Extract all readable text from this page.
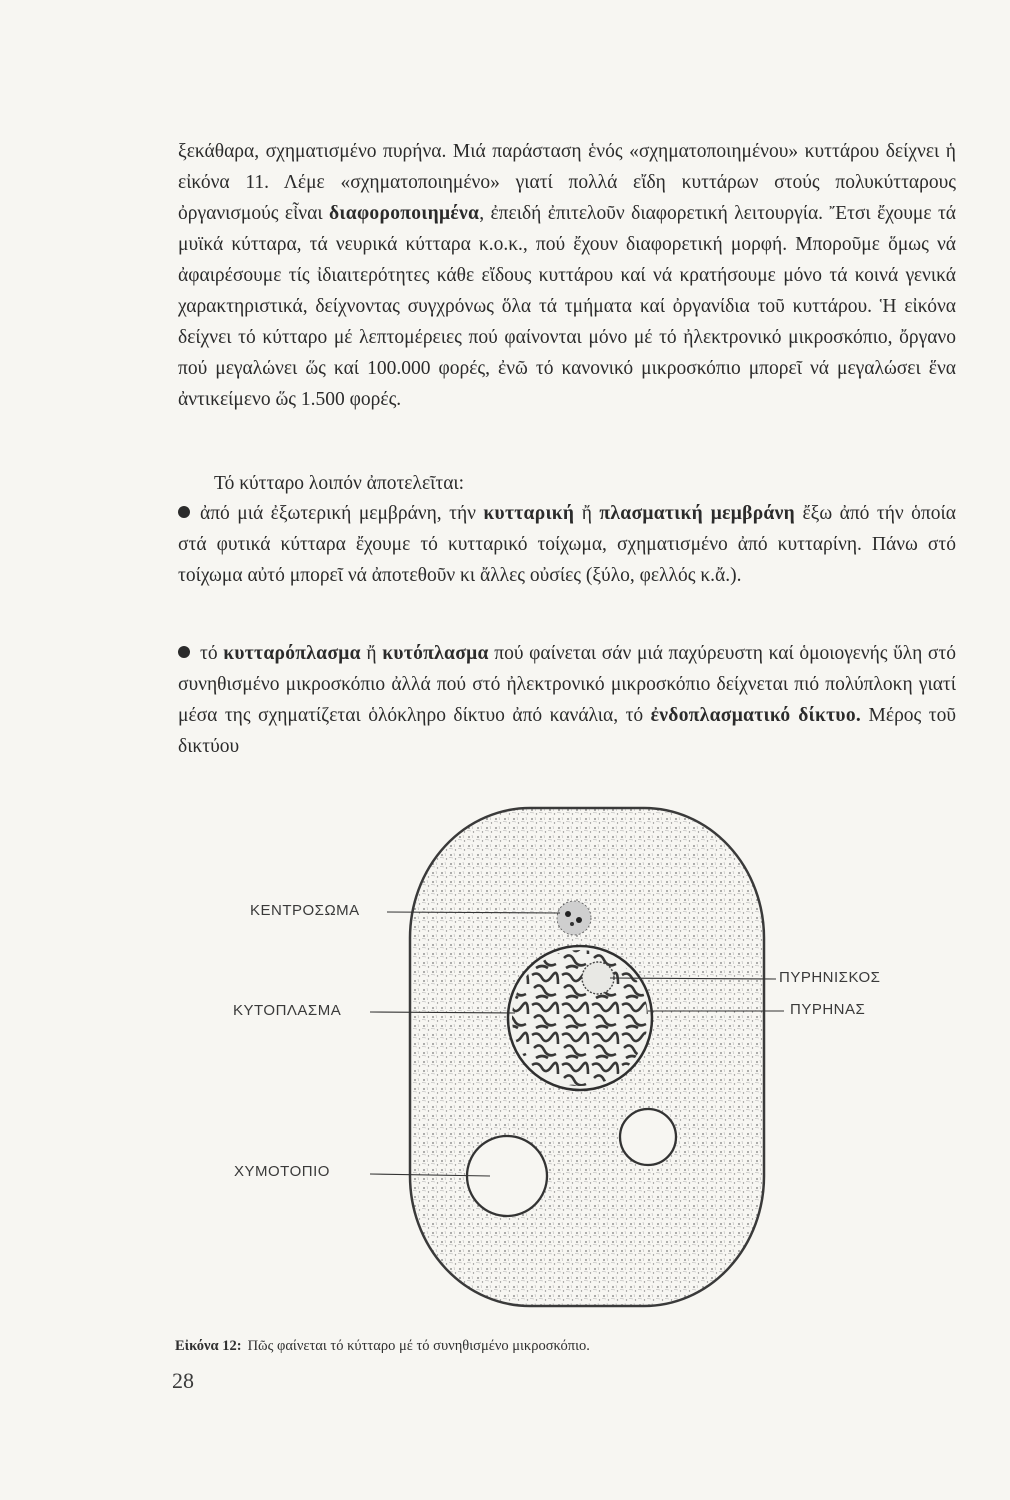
ξεκάθαρα, σχηματισμένο πυρήνα. Μιά παράσταση ἑνός «σχηματοποιημένου» κυττάρου δείχνει ἡ εἰκόνα 11. Λέμε «σχηματοποιημένο» γιατί πολλά εἴδη κυττάρων στούς πολυκύτταρους ὀργανισμούς εἶναι διαφοροποιημένα, ἐπειδή ἐπιτελοῦν διαφορετική λειτουργία. Ἔτσι ἔχουμε τά μυϊκά κύτταρα, τά νευρικά κύτταρα κ.ο.κ., πού ἔχουν διαφορετική μορφή. Μποροῦμε ὅμως νά ἀφαιρέσουμε τίς ἰδιαιτερότητες κάθε εἴδους κυττάρου καί νά κρατήσουμε μόνο τά κοινά γενικά χαρακτηριστικά, δείχνοντας συγχρόνως ὅλα τά τμήματα καί ὀργανίδια τοῦ κυττάρου. Ἡ εἰκόνα δείχνει τό κύτταρο μέ λεπτομέρειες πού φαίνονται μόνο μέ τό ἠλεκτρονικό μικροσκόπιο, ὄργανο πού μεγαλώνει ὥς καί 100.000 φορές, ἐνῶ τό κανονικό μικροσκόπιο μπορεῖ νά μεγαλώσει ἕνα ἀντικείμενο ὥς 1.500 φορές.

Τό κύτταρο λοιπόν ἀποτελεῖται:

ἀπό μιά ἐξωτερική μεμβράνη, τήν κυτταρική ἤ πλασματική μεμβράνη ἔξω ἀπό τήν ὁποία στά φυτικά κύτταρα ἔχουμε τό κυτταρικό τοίχωμα, σχηματισμένο ἀπό κυτταρίνη. Πάνω στό τοίχωμα αὐτό μπορεῖ νά ἀποτεθοῦν κι ἄλλες οὐσίες (ξύλο, φελλός κ.ἄ.).

τό κυτταρόπλασμα ἤ κυτόπλασμα πού φαίνεται σάν μιά παχύρευστη καί ὁμοιογενής ὕλη στό συνηθισμένο μικροσκόπιο ἀλλά πού στό ἠλεκτρονικό μικροσκόπιο δείχνεται πιό πολύπλοκη γιατί μέσα της σχηματίζεται ὁλόκληρο δίκτυο ἀπό κανάλια, τό ἐνδοπλασματικό δίκτυο. Μέρος τοῦ δικτύου

ΚΕΝΤΡΟΣΩΜΑ
ΚΥΤΟΠΛΑΣΜΑ
ΧΥΜΟΤΟΠΙΟ
ΠΥΡΗΝΙΣΚΟΣ
ΠΥΡΗΝΑΣ
Εἰκόνα 12: Πῶς φαίνεται τό κύτταρο μέ τό συνηθισμένο μικροσκόπιο.
28
